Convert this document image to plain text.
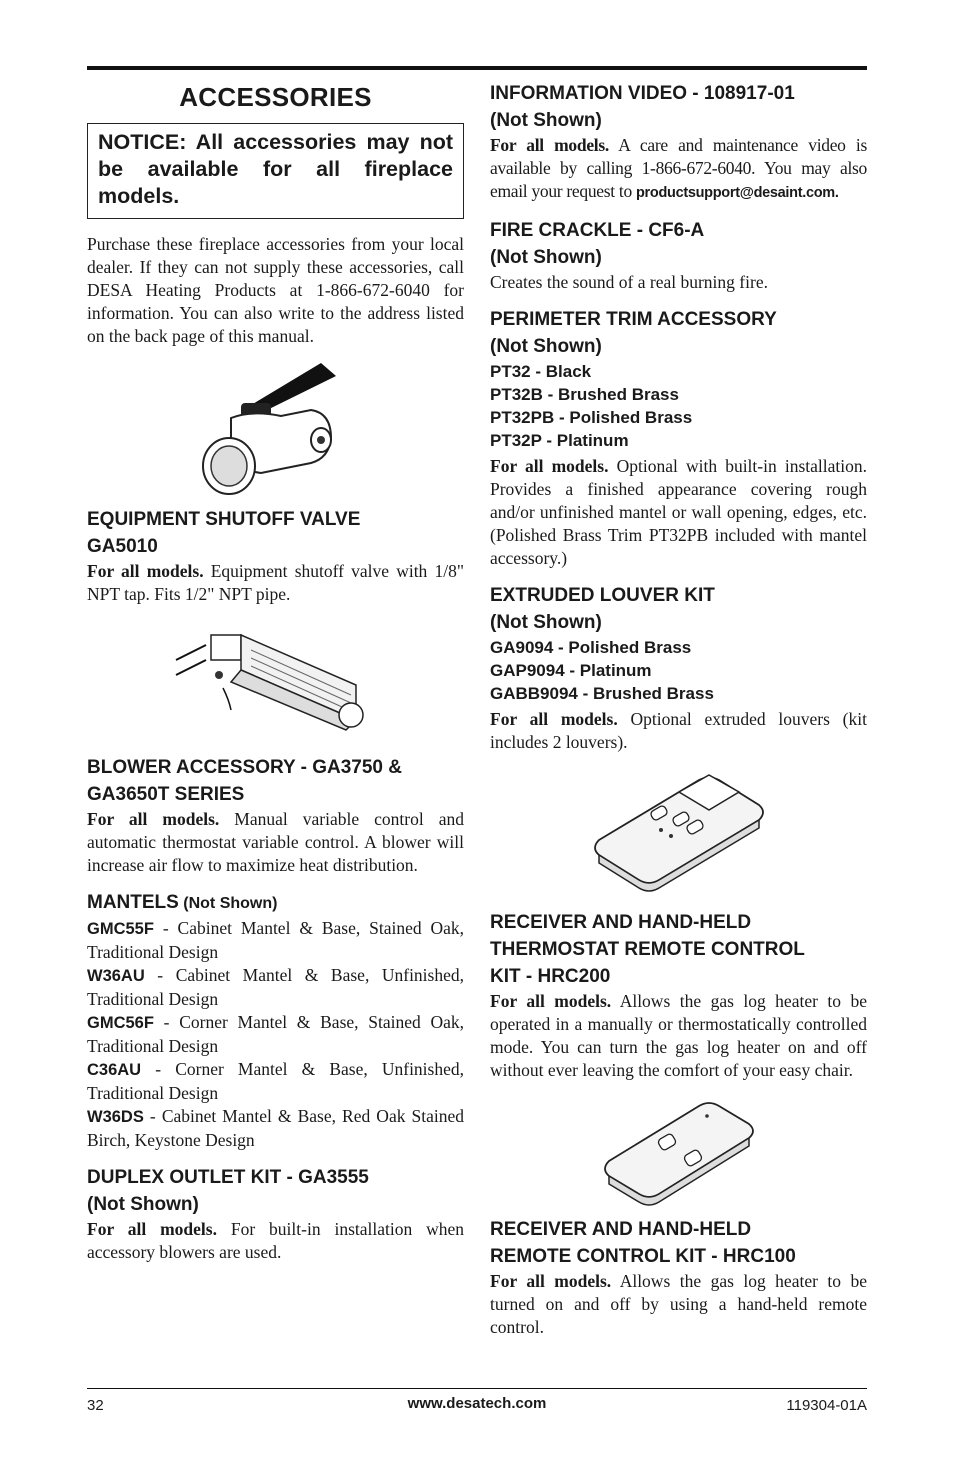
ACCESSORIES
NOTICE: All accessories may not be available for all fireplace models.

Purchase these fireplace accessories from your local dealer. If they can not supply these accessories, call DESA Heating Products at 1-866-672-6040 for information. You can also write to the address listed on the back page of this manual.

EQUIPMENT SHUTOFF VALVE
GA5010

For all models. Equipment shutoff valve with 1/8" NPT tap. Fits 1/2" NPT pipe.

BLOWER ACCESSORY - GA3750 &
GA3650T SERIES

For all models. Manual variable control and automatic thermostat variable control. A blower will increase air flow to maximize heat distribution.

MANTELS (Not Shown)

GMC55F - Cabinet Mantel & Base, Stained Oak, Traditional Design

W36AU - Cabinet Mantel & Base, Unfinished, Traditional Design

GMC56F - Corner Mantel & Base, Stained Oak, Traditional Design

C36AU - Corner Mantel & Base, Unfinished, Traditional Design

W36DS - Cabinet Mantel & Base, Red Oak Stained Birch, Keystone Design

DUPLEX OUTLET KIT - GA3555
(Not Shown)

For all models. For built-in installation when accessory blowers are used.

INFORMATION VIDEO - 108917-01
(Not Shown)

For all models. A care and maintenance video is available by calling 1-866-672-6040. You may also email your request to productsupport@desaint.com.

FIRE CRACKLE - CF6-A
(Not Shown)

Creates the sound of a real burning fire.

PERIMETER TRIM ACCESSORY
(Not Shown)
PT32 - Black
PT32B - Brushed Brass
PT32PB - Polished Brass
PT32P - Platinum

For all models. Optional with built-in installation. Provides a finished appearance covering rough and/or unfinished mantel or wall opening, edges, etc. (Polished Brass Trim PT32PB included with mantel accessory.)

EXTRUDED LOUVER KIT
(Not Shown)
GA9094 - Polished Brass
GAP9094 - Platinum
GABB9094 - Brushed Brass

For all models. Optional extruded louvers (kit includes 2 louvers).

RECEIVER AND HAND-HELD
THERMOSTAT REMOTE CONTROL
KIT - HRC200

For all models. Allows the gas log heater to be operated in a manually or thermostatically controlled mode. You can turn the gas log heater on and off without ever leaving the comfort of your easy chair.

RECEIVER AND HAND-HELD
REMOTE CONTROL KIT - HRC100

For all models. Allows the gas log heater to be turned on and off by using a hand-held remote control.

32	www.desatech.com	119304-01A
